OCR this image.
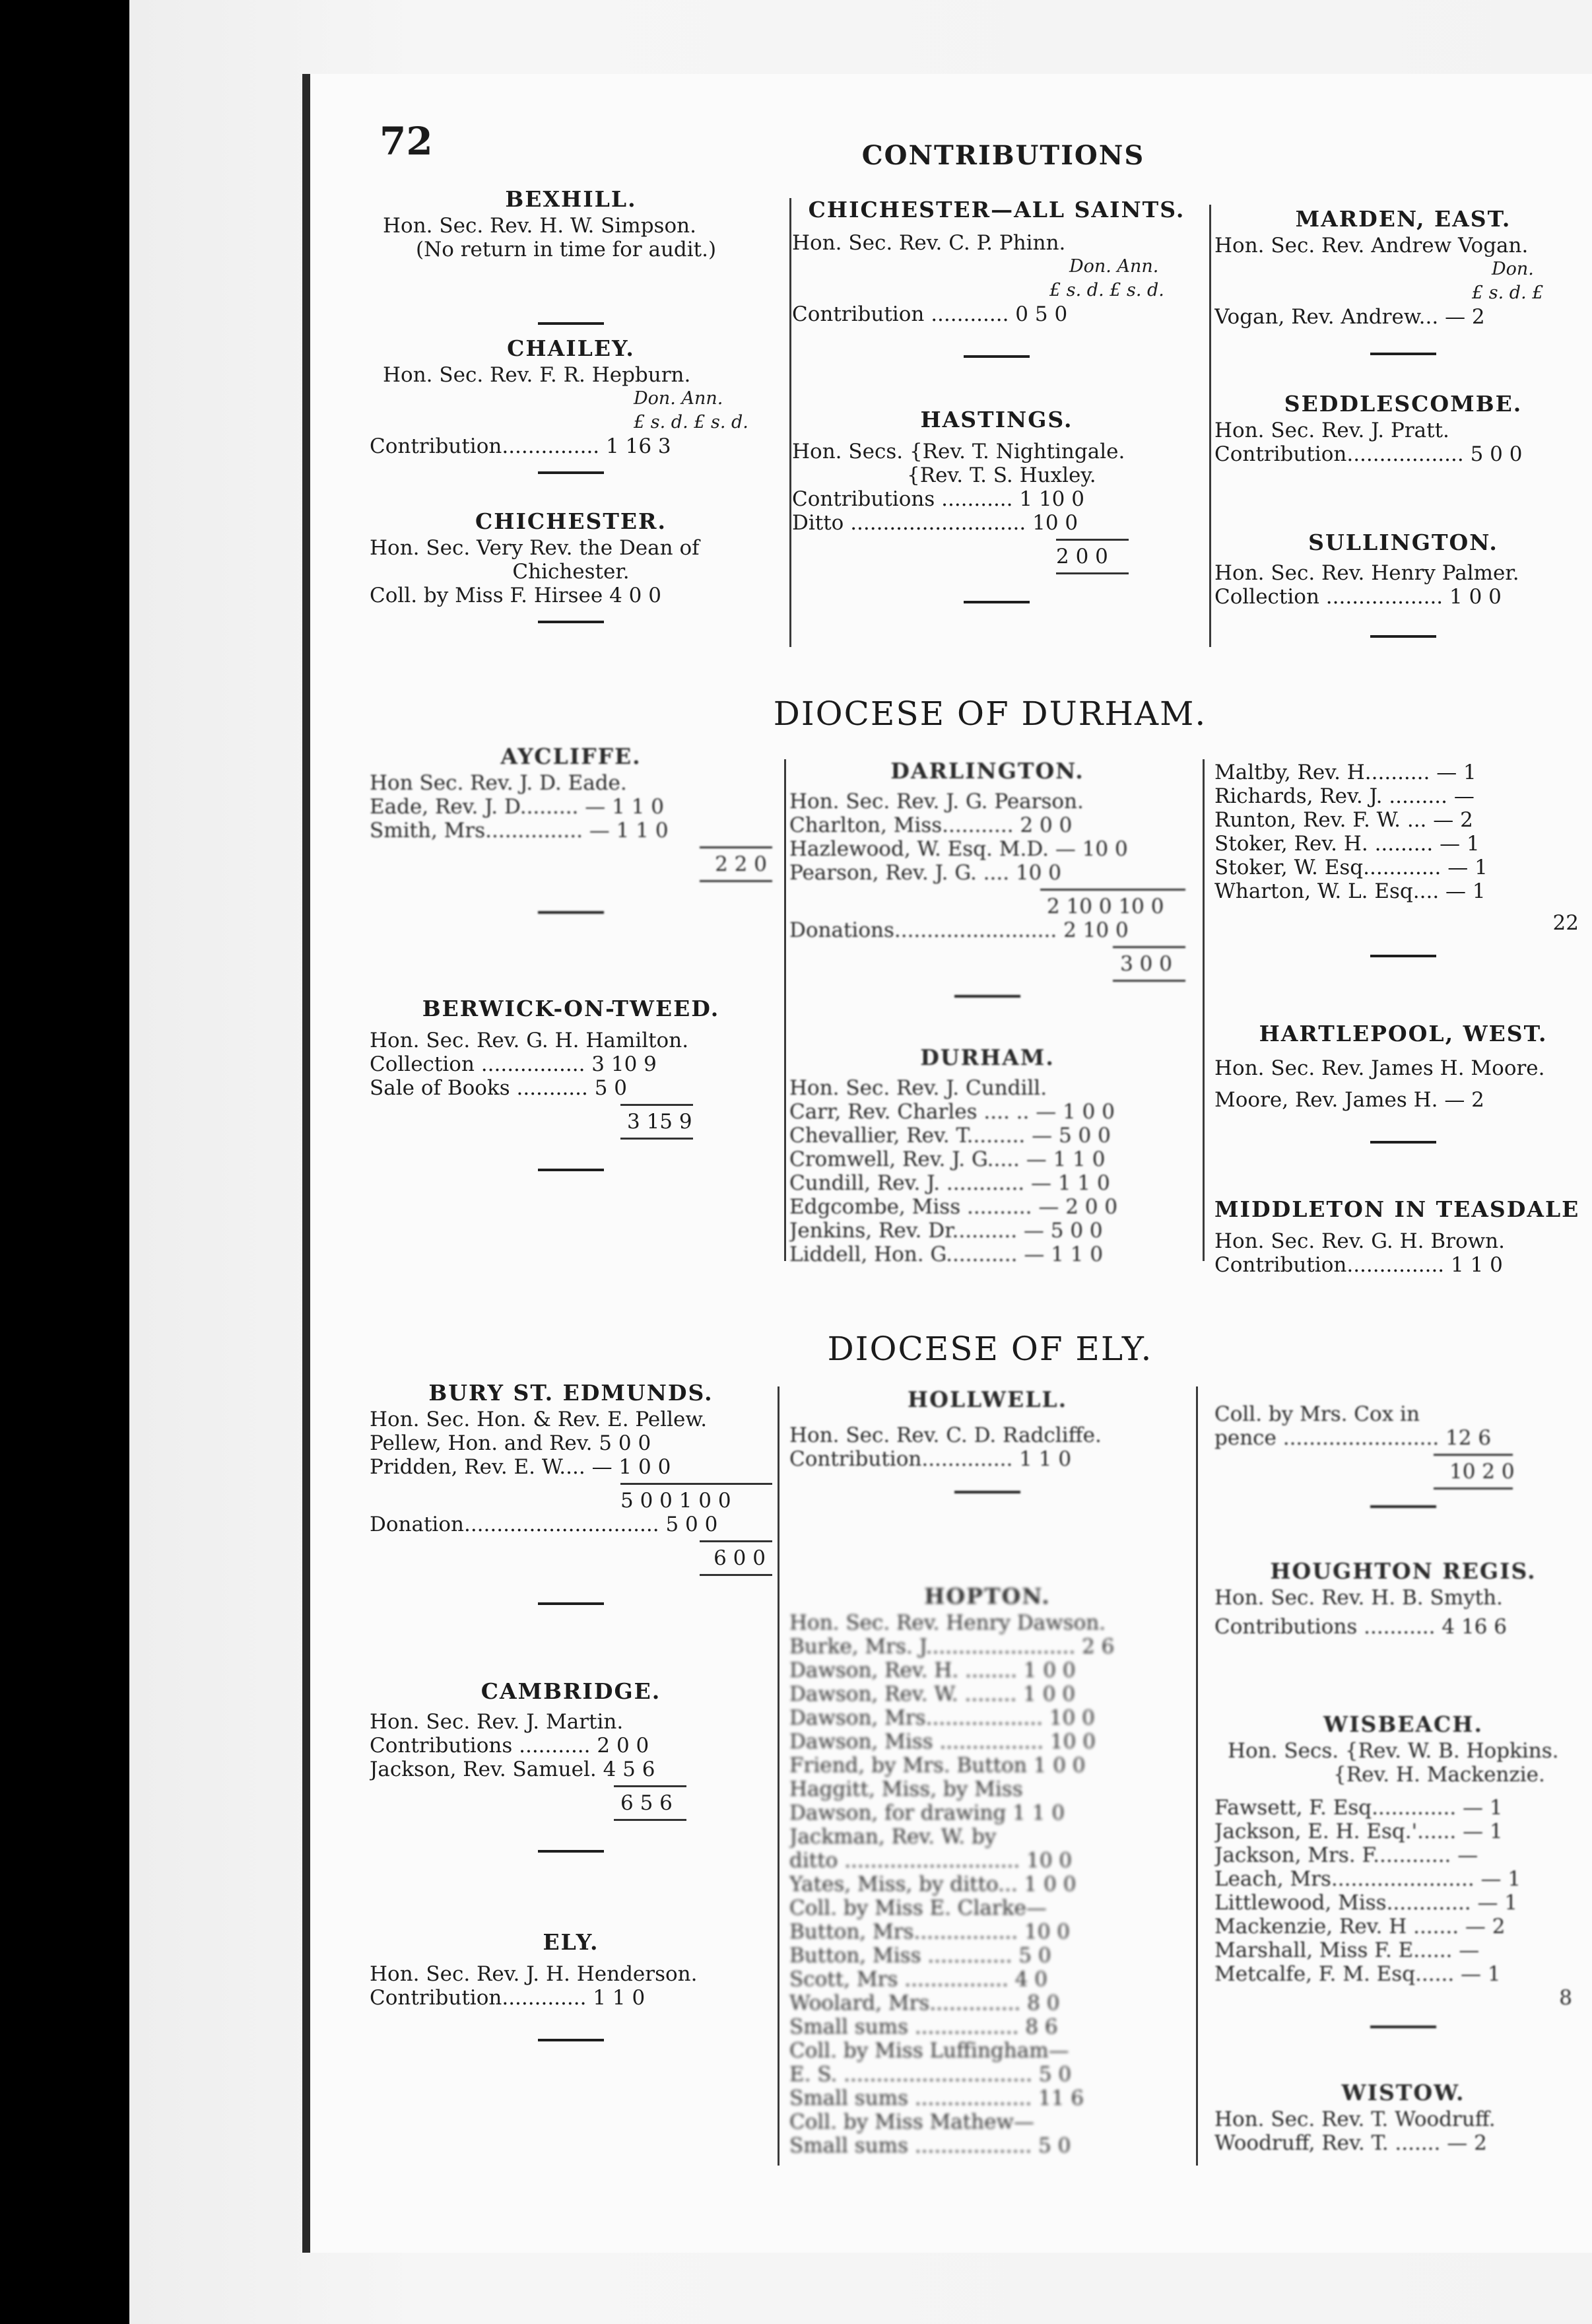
72	CONTRIBUTIONS
DIOCESE OF DURHAM.
DIOCESE OF ELY.
BEXHILL.
Hon. Sec. Rev. H. W. Simpson.
(No return in time for audit.)
CHAILEY.
Hon. Sec. Rev. F. R. Hepburn.
Don. Ann.
£ s. d. £ s. d.
Contribution............... 1 16 3
CHICHESTER.
Hon. Sec. Very Rev. the Dean of
Chichester.
Coll. by Miss F. Hirsee 4 0 0
AYCLIFFE.
Hon Sec. Rev. J. D. Eade.
Eade, Rev. J. D......... — 1 1 0
Smith, Mrs............... — 1 1 0
2 2 0
BERWICK-ON-TWEED.
Hon. Sec. Rev. G. H. Hamilton.
Collection ................ 3 10 9
Sale of Books ........... 5 0
3 15 9
BURY ST. EDMUNDS.
Hon. Sec. Hon. & Rev. E. Pellew.
Pellew, Hon. and Rev. 5 0 0
Pridden, Rev. E. W.... — 1 0 0
5 0 0 1 0 0
Donation.............................. 5 0 0
6 0 0
CAMBRIDGE.
Hon. Sec. Rev. J. Martin.
Contributions ........... 2 0 0
Jackson, Rev. Samuel. 4 5 6
6 5 6
ELY.
Hon. Sec. Rev. J. H. Henderson.
Contribution............. 1 1 0
CHICHESTER—ALL SAINTS.
Hon. Sec. Rev. C. P. Phinn.
Don. Ann.
£ s. d. £ s. d.
Contribution ............ 0 5 0
HASTINGS.
Hon. Secs. {Rev. T. Nightingale.
{Rev. T. S. Huxley.
Contributions ........... 1 10 0
Ditto ........................... 10 0
2 0 0
DARLINGTON.
Hon. Sec. Rev. J. G. Pearson.
Charlton, Miss........... 2 0 0
Hazlewood, W. Esq. M.D. — 10 0
Pearson, Rev. J. G. .... 10 0
2 10 0 10 0
Donations......................... 2 10 0
3 0 0
DURHAM.
Hon. Sec. Rev. J. Cundill.
Carr, Rev. Charles .... .. — 1 0 0
Chevallier, Rev. T......... — 5 0 0
Cromwell, Rev. J. G..... — 1 1 0
Cundill, Rev. J. ............ — 1 1 0
Edgcombe, Miss .......... — 2 0 0
Jenkins, Rev. Dr.......... — 5 0 0
Liddell, Hon. G........... — 1 1 0
HOLLWELL.
Hon. Sec. Rev. C. D. Radcliffe.
Contribution.............. 1 1 0
HOPTON.
Hon. Sec. Rev. Henry Dawson.
Burke, Mrs. J....................... 2 6
Dawson, Rev. H. ........ 1 0 0
Dawson, Rev. W. ........ 1 0 0
Dawson, Mrs.................. 10 0
Dawson, Miss ................ 10 0
Friend, by Mrs. Button 1 0 0
Haggitt, Miss, by Miss
Dawson, for drawing 1 1 0
Jackman, Rev. W. by
ditto ........................... 10 0
Yates, Miss, by ditto... 1 0 0
Coll. by Miss E. Clarke—
Button, Mrs................ 10 0
Button, Miss ............. 5 0
Scott, Mrs ................ 4 0
Woolard, Mrs.............. 8 0
Small sums ................ 8 6
Coll. by Miss Luffingham—
E. S. ............................. 5 0
Small sums .................. 11 6
Coll. by Miss Mathew—
Small sums .................. 5 0
MARDEN, EAST.
Hon. Sec. Rev. Andrew Vogan.
Don.
£ s. d. £
Vogan, Rev. Andrew... — 2
SEDDLESCOMBE.
Hon. Sec. Rev. J. Pratt.
Contribution.................. 5 0 0
SULLINGTON.
Hon. Sec. Rev. Henry Palmer.
Collection .................. 1 0 0
Maltby, Rev. H.......... — 1
Richards, Rev. J. ......... —
Runton, Rev. F. W. ... — 2
Stoker, Rev. H. ......... — 1
Stoker, W. Esq............ — 1
Wharton, W. L. Esq.... — 1
22
HARTLEPOOL, WEST.
Hon. Sec. Rev. James H. Moore.
Moore, Rev. James H. — 2
MIDDLETON IN TEASDALE
Hon. Sec. Rev. G. H. Brown.
Contribution............... 1 1 0
Coll. by Mrs. Cox in
pence ........................ 12 6
10 2 0
HOUGHTON REGIS.
Hon. Sec. Rev. H. B. Smyth.
Contributions ........... 4 16 6
WISBEACH.
Hon. Secs. {Rev. W. B. Hopkins.
{Rev. H. Mackenzie.
Fawsett, F. Esq............. — 1
Jackson, E. H. Esq.'...... — 1
Jackson, Mrs. F............ —
Leach, Mrs...................... — 1
Littlewood, Miss............. — 1
Mackenzie, Rev. H ....... — 2
Marshall, Miss F. E...... —
Metcalfe, F. M. Esq...... — 1
8
WISTOW.
Hon. Sec. Rev. T. Woodruff.
Woodruff, Rev. T. ....... — 2
